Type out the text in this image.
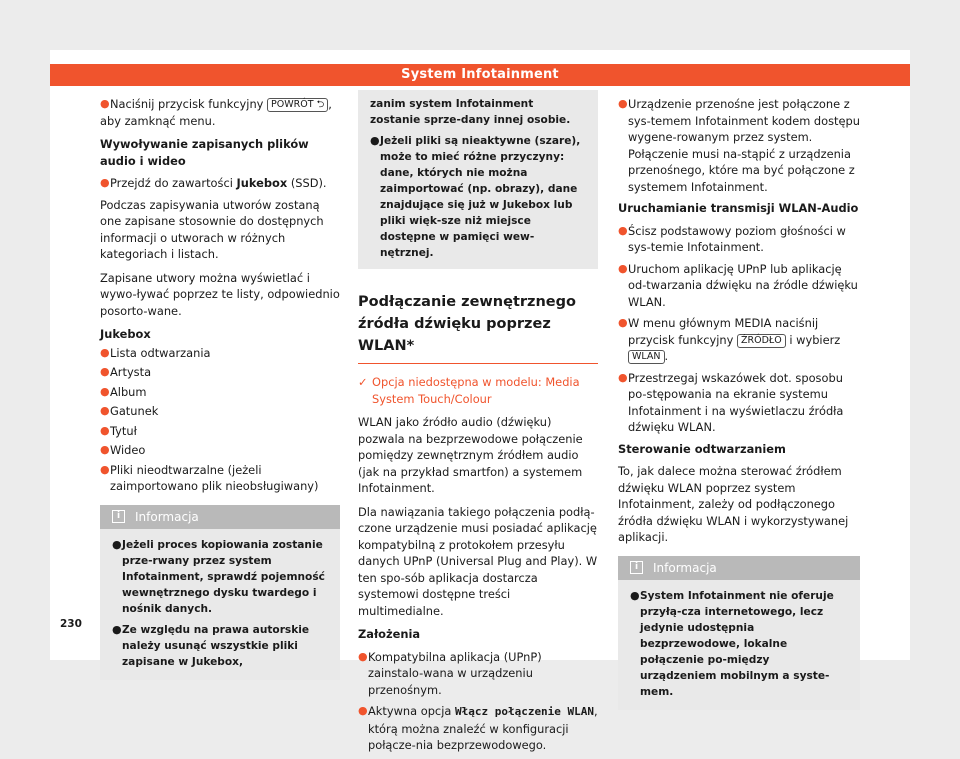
System Infotainment
● Naciśnij przycisk funkcyjny POWRÓT ⮌ ,

aby zamknąć menu.

Wywoływanie zapisanych plików audio i wideo

● Przejdź do zawartości Jukebox (SSD).

Podczas zapisywania utworów zostaną one zapisane stosownie do dostępnych informacji o utworach w różnych kategoriach i listach.

Zapisane utwory można wyświetlać i wywo-ływać poprzez te listy, odpowiednio posorto-wane.

Jukebox

● Lista odtwarzania
● Artysta
● Album
● Gatunek
● Tytuł
● Wideo
● Pliki nieodtwarzalne (jeżeli zaimportowano plik nieobsługiwany)
i	Informacja
● Jeżeli proces kopiowania zostanie prze-rwany przez system Infotainment, sprawdź pojemność wewnętrznego dysku twardego i nośnik danych.
● Ze względu na prawa autorskie należy usunąć wszystkie pliki zapisane w Jukebox,

zanim system Infotainment zostanie sprze-dany innej osobie.

● Jeżeli pliki są nieaktywne (szare), może to mieć różne przyczyny: dane, których nie można zaimportować (np. obrazy), dane znajdujące się już w Jukebox lub pliki więk-sze niż miejsce dostępne w pamięci wew-nętrznej.
Podłączanie zewnętrznego źródła dźwięku poprzez WLAN*
✓ Opcja niedostępna w modelu: Media System Touch/Colour

WLAN jako źródło audio (dźwięku) pozwala na bezprzewodowe połączenie pomiędzy zewnętrznym źródłem audio (jak na przykład smartfon) a systemem Infotainment.

Dla nawiązania takiego połączenia podłą-czone urządzenie musi posiadać aplikację kompatybilną z protokołem przesyłu danych UPnP (Universal Plug and Play). W ten spo-sób aplikacja dostarcza systemowi dostępne treści multimedialne.

Założenia

● Kompatybilna aplikacja (UPnP) zainstalo-wana w urządzeniu przenośnym.
● Aktywna opcja Włącz połączenie WLAN, którą można znaleźć w konfiguracji połącze-nia bezprzewodowego.
● Urządzenie przenośne jest połączone z sys-temem Infotainment kodem dostępu wygene-rowanym przez system. Połączenie musi na-stąpić z urządzenia przenośnego, które ma być połączone z systemem Infotainment.

Uruchamianie transmisji WLAN-Audio

● Ścisz podstawowy poziom głośności w sys-temie Infotainment.
● Uruchom aplikację UPnP lub aplikację od-twarzania dźwięku na źródle dźwięku WLAN.
● W menu głównym MEDIA naciśnij przycisk funkcyjny ŹRÓDŁO i wybierz WLAN .
● Przestrzegaj wskazówek dot. sposobu po-stępowania na ekranie systemu Infotainment i na wyświetlaczu źródła dźwięku WLAN.

Sterowanie odtwarzaniem

To, jak dalece można sterować źródłem dźwięku WLAN poprzez system Infotainment, zależy od podłączonego źródła dźwięku WLAN i wykorzystywanej aplikacji.

i	Informacja
● System Infotainment nie oferuje przyłą-cza internetowego, lecz jedynie udostępnia bezprzewodowe, lokalne połączenie po-między urządzeniem mobilnym a syste-mem.
230
